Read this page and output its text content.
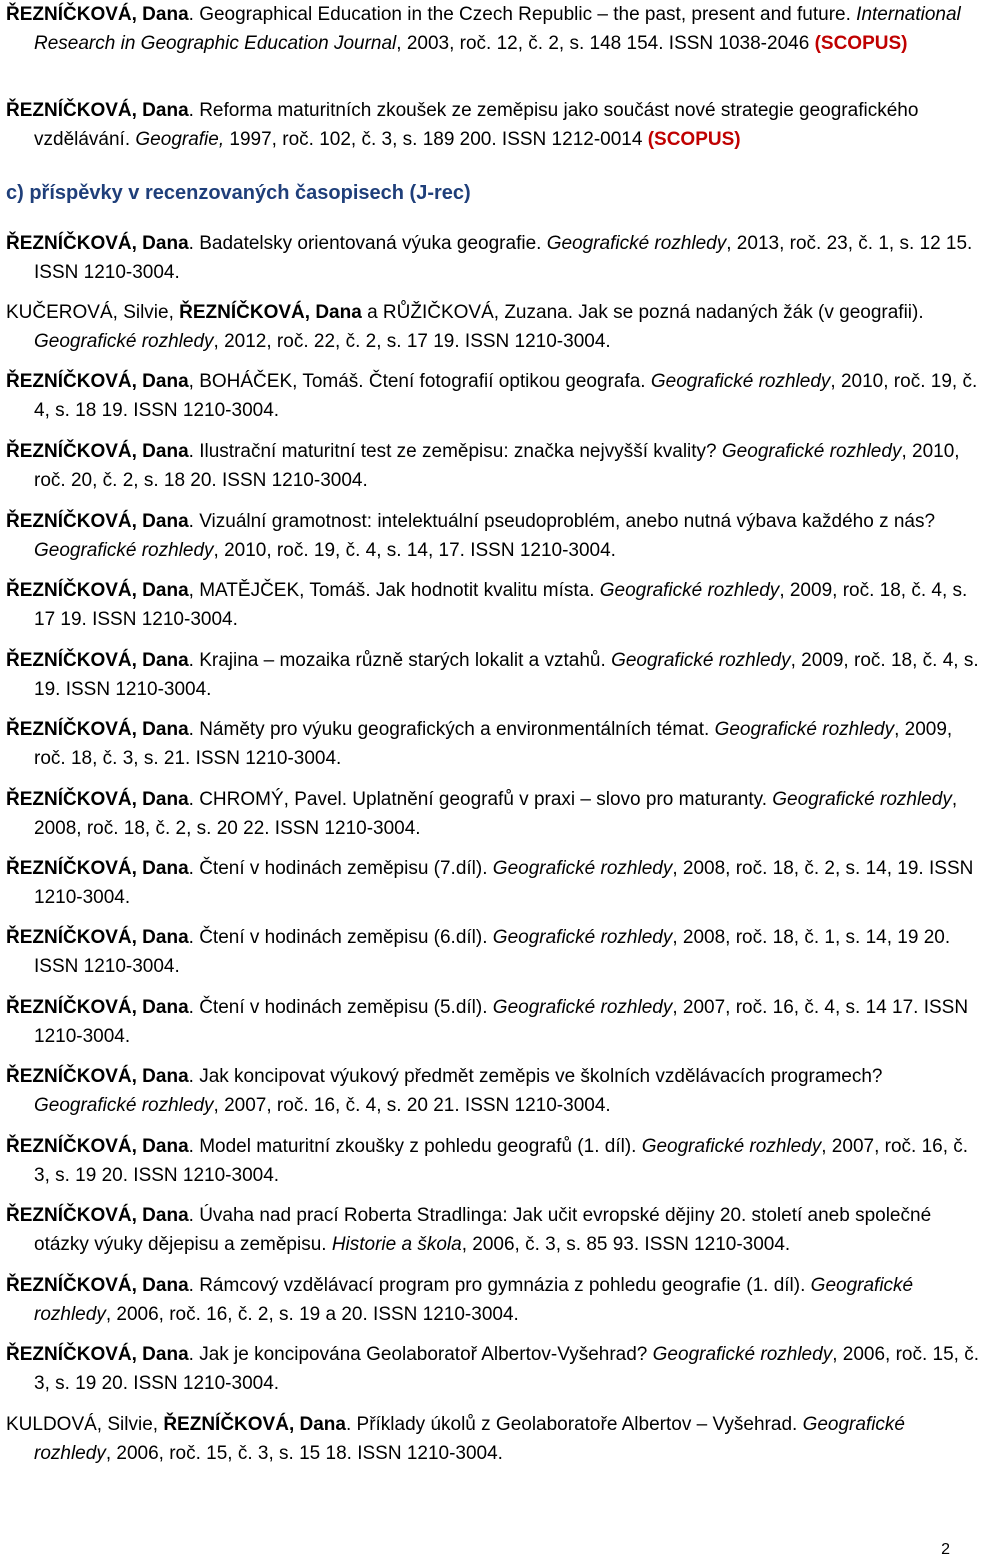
ŘEZNÍČKOVÁ, Dana. Geographical Education in the Czech Republic – the past, present and future. International Research in Geographic Education Journal, 2003, roč. 12, č. 2, s. 148 154. ISSN 1038-2046 (SCOPUS)

ŘEZNÍČKOVÁ, Dana. Reforma maturitních zkoušek ze zeměpisu jako součást nové strategie geografického vzdělávání. Geografie, 1997, roč. 102, č. 3, s. 189 200. ISSN 1212-0014 (SCOPUS)

c) příspěvky v recenzovaných časopisech (J-rec)

ŘEZNÍČKOVÁ, Dana. Badatelsky orientovaná výuka geografie. Geografické rozhledy, 2013, roč. 23, č. 1, s. 12 15. ISSN 1210-3004.

KUČEROVÁ, Silvie, ŘEZNÍČKOVÁ, Dana a RŮŽIČKOVÁ, Zuzana. Jak se pozná nadaných žák (v geografii). Geografické rozhledy, 2012, roč. 22, č. 2, s. 17 19. ISSN 1210-3004.

ŘEZNÍČKOVÁ, Dana, BOHÁČEK, Tomáš. Čtení fotografií optikou geografa. Geografické rozhledy, 2010, roč. 19, č. 4, s. 18 19. ISSN 1210-3004.

ŘEZNÍČKOVÁ, Dana. Ilustrační maturitní test ze zeměpisu: značka nejvyšší kvality? Geografické rozhledy, 2010, roč. 20, č. 2, s. 18 20. ISSN 1210-3004.

ŘEZNÍČKOVÁ, Dana. Vizuální gramotnost: intelektuální pseudoproblém, anebo nutná výbava každého z nás? Geografické rozhledy, 2010, roč. 19, č. 4, s. 14, 17. ISSN 1210-3004.

ŘEZNÍČKOVÁ, Dana, MATĚJČEK, Tomáš. Jak hodnotit kvalitu místa. Geografické rozhledy, 2009, roč. 18, č. 4, s. 17 19. ISSN 1210-3004.

ŘEZNÍČKOVÁ, Dana. Krajina – mozaika různě starých lokalit a vztahů. Geografické rozhledy, 2009, roč. 18, č. 4, s. 19. ISSN 1210-3004.

ŘEZNÍČKOVÁ, Dana. Náměty pro výuku geografických a environmentálních témat. Geografické rozhledy, 2009, roč. 18, č. 3, s. 21. ISSN 1210-3004.

ŘEZNÍČKOVÁ, Dana. CHROMÝ, Pavel. Uplatnění geografů v praxi – slovo pro maturanty. Geografické rozhledy, 2008, roč. 18, č. 2, s. 20 22. ISSN 1210-3004.

ŘEZNÍČKOVÁ, Dana. Čtení v hodinách zeměpisu (7.díl). Geografické rozhledy, 2008, roč. 18, č. 2, s. 14, 19. ISSN 1210-3004.

ŘEZNÍČKOVÁ, Dana. Čtení v hodinách zeměpisu (6.díl). Geografické rozhledy, 2008, roč. 18, č. 1, s. 14, 19 20. ISSN 1210-3004.

ŘEZNÍČKOVÁ, Dana. Čtení v hodinách zeměpisu (5.díl). Geografické rozhledy, 2007, roč. 16, č. 4, s. 14 17. ISSN 1210-3004.

ŘEZNÍČKOVÁ, Dana. Jak koncipovat výukový předmět zeměpis ve školních vzdělávacích programech? Geografické rozhledy, 2007, roč. 16, č. 4, s. 20 21. ISSN 1210-3004.

ŘEZNÍČKOVÁ, Dana. Model maturitní zkoušky z pohledu geografů (1. díl). Geografické rozhledy, 2007, roč. 16, č. 3, s. 19 20. ISSN 1210-3004.

ŘEZNÍČKOVÁ, Dana. Úvaha nad prací Roberta Stradlinga: Jak učit evropské dějiny 20. století aneb společné otázky výuky dějepisu a zeměpisu. Historie a škola, 2006, č. 3, s. 85 93. ISSN 1210-3004.

ŘEZNÍČKOVÁ, Dana. Rámcový vzdělávací program pro gymnázia z pohledu geografie (1. díl). Geografické rozhledy, 2006, roč. 16, č. 2, s. 19 a 20. ISSN 1210-3004.

ŘEZNÍČKOVÁ, Dana. Jak je koncipována Geolaboratoř Albertov-Vyšehrad? Geografické rozhledy, 2006, roč. 15, č. 3, s. 19 20. ISSN 1210-3004.

KULDOVÁ, Silvie, ŘEZNÍČKOVÁ, Dana. Příklady úkolů z Geolaboratoře Albertov – Vyšehrad. Geografické rozhledy, 2006, roč. 15, č. 3, s. 15 18. ISSN 1210-3004.

2
